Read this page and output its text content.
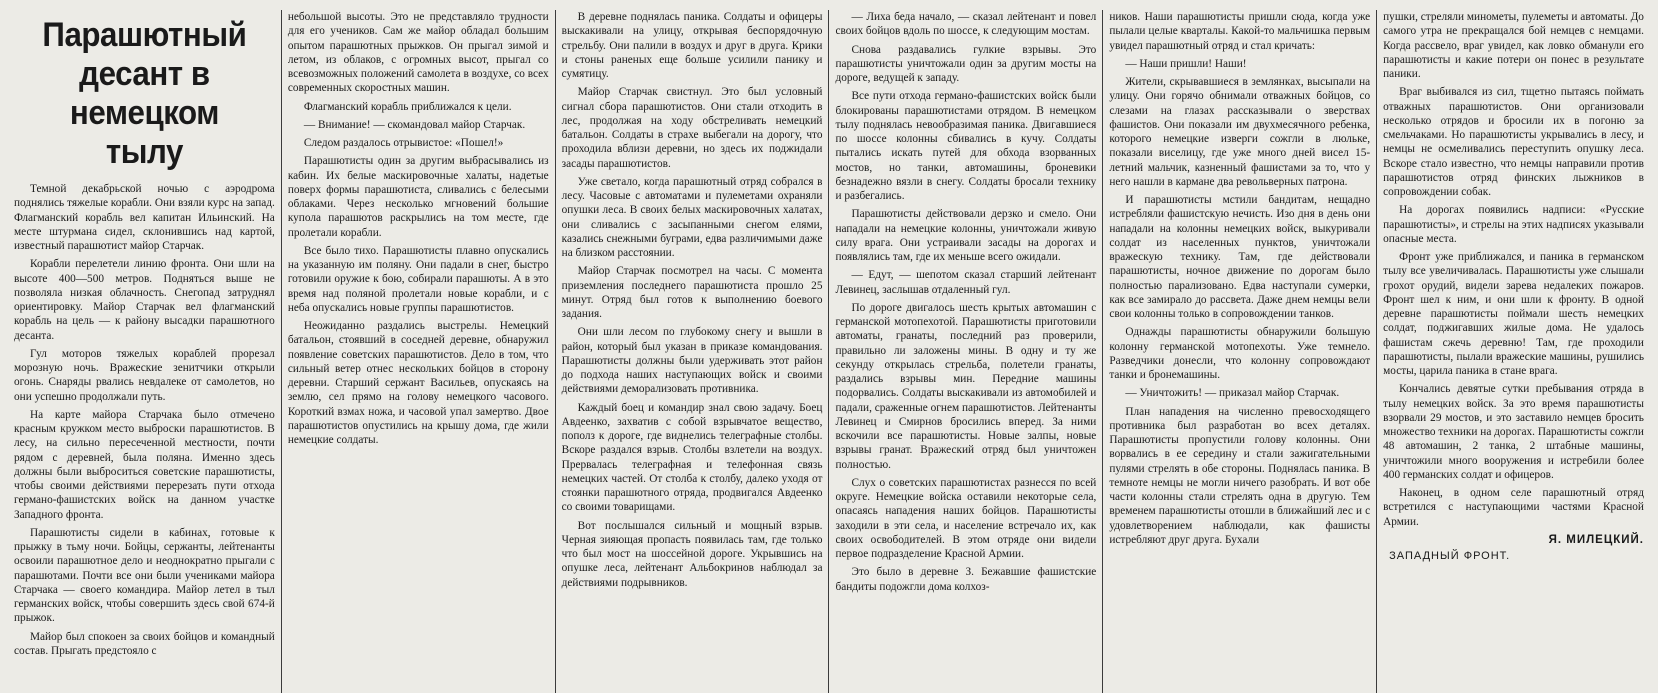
Парашютный десант в немецком тылу

Темной декабрьской ночью с аэродрома поднялись тяжелые корабли. Они взяли курс на запад. Флагманский корабль вел капитан Ильинский. На месте штурмана сидел, склонившись над картой, известный парашютист майор Старчак.

Корабли перелетели линию фронта. Они шли на высоте 400—500 метров. Подняться выше не позволяла низкая облачность. Снегопад затруднял ориентировку. Майор Старчак вел флагманский корабль на цель — к району высадки парашютного десанта.

Гул моторов тяжелых кораблей прорезал морозную ночь. Вражеские зенитчики открыли огонь. Снаряды рвались невдалеке от самолетов, но они успешно продолжали путь.

На карте майора Старчака было отмечено красным кружком место выброски парашютистов. В лесу, на сильно пересеченной местности, почти рядом с деревней, была поляна. Именно здесь должны были выброситься советские парашютисты, чтобы своими действиями перерезать пути отхода германо-фашистских войск на данном участке Западного фронта.

Парашютисты сидели в кабинах, готовые к прыжку в тьму ночи. Бойцы, сержанты, лейтенанты освоили парашютное дело и неоднократно прыгали с парашютами. Почти все они были учениками майора Старчака — своего командира. Майор летел в тыл германских войск, чтобы совершить здесь свой 674-й прыжок.

Майор был спокоен за своих бойцов и командный состав. Прыгать предстояло с

небольшой высоты. Это не представляло трудности для его учеников. Сам же майор обладал большим опытом парашютных прыжков. Он прыгал зимой и летом, из облаков, с огромных высот, прыгал со всевозможных положений самолета в воздухе, со всех современных скоростных машин.

Флагманский корабль приближался к цели.

— Внимание! — скомандовал майор Старчак.

Следом раздалось отрывистое: «Пошел!»

Парашютисты один за другим выбрасывались из кабин. Их белые маскировочные халаты, надетые поверх формы парашютиста, сливались с белесыми облаками. Через несколько мгновений большие купола парашютов раскрылись на том месте, где пролетали корабли.

Все было тихо. Парашютисты плавно опускались на указанную им поляну. Они падали в снег, быстро готовили оружие к бою, собирали парашюты. А в это время над поляной пролетали новые корабли, и с неба опускались новые группы парашютистов.

Неожиданно раздались выстрелы. Немецкий батальон, стоявший в соседней деревне, обнаружил появление советских парашютистов. Дело в том, что сильный ветер отнес нескольких бойцов в сторону деревни. Старший сержант Васильев, опускаясь на землю, сел прямо на голову немецкого часового. Короткий взмах ножа, и часовой упал замертво. Двое парашютистов опустились на крышу дома, где жили немецкие солдаты.

В деревне поднялась паника. Солдаты и офицеры выскакивали на улицу, открывая беспорядочную стрельбу. Они палили в воздух и друг в друга. Крики и стоны раненых еще больше усилили панику и сумятицу.

Майор Старчак свистнул. Это был условный сигнал сбора парашютистов. Они стали отходить в лес, продолжая на ходу обстреливать немецкий батальон. Солдаты в страхе выбегали на дорогу, что проходила вблизи деревни, но здесь их поджидали засады парашютистов.

Уже светало, когда парашютный отряд собрался в лесу. Часовые с автоматами и пулеметами охраняли опушки леса. В своих белых маскировочных халатах, они сливались с засыпанными снегом елями, казались снежными буграми, едва различимыми даже на близком расстоянии.

Майор Старчак посмотрел на часы. С момента приземления последнего парашютиста прошло 25 минут. Отряд был готов к выполнению боевого задания.

Они шли лесом по глубокому снегу и вышли в район, который был указан в приказе командования. Парашютисты должны были удерживать этот район до подхода наших наступающих войск и своими действиями деморализовать противника.

Каждый боец и командир знал свою задачу. Боец Авдеенко, захватив с собой взрывчатое вещество, пополз к дороге, где виднелись телеграфные столбы. Вскоре раздался взрыв. Столбы взлетели на воздух. Прервалась телеграфная и телефонная связь немецких частей. От столба к столбу, далеко уходя от стоянки парашютного отряда, продвигался Авдеенко со своими товарищами.

Вот послышался сильный и мощный взрыв. Черная зияющая пропасть появилась там, где только что был мост на шоссейной дороге. Укрывшись на опушке леса, лейтенант Альбокринов наблюдал за действиями подрывников.

— Лиха беда начало, — сказал лейтенант и повел своих бойцов вдоль по шоссе, к следующим мостам.

Снова раздавались гулкие взрывы. Это парашютисты уничтожали один за другим мосты на дороге, ведущей к западу.

Все пути отхода германо-фашистских войск были блокированы парашютистами отрядом. В немецком тылу поднялась невообразимая паника. Двигавшиеся по шоссе колонны сбивались в кучу. Солдаты пытались искать путей для обхода взорванных мостов, но танки, автомашины, броневики безнадежно вязли в снегу. Солдаты бросали технику и разбегались.

Парашютисты действовали дерзко и смело. Они нападали на немецкие колонны, уничтожали живую силу врага. Они устраивали засады на дорогах и появлялись там, где их меньше всего ожидали.

— Едут, — шепотом сказал старший лейтенант Левинец, заслышав отдаленный гул.

По дороге двигалось шесть крытых автомашин с германской мотопехотой. Парашютисты приготовили автоматы, гранаты, последний раз проверили, правильно ли заложены мины. В одну и ту же секунду открылась стрельба, полетели гранаты, раздались взрывы мин. Передние машины подорвались. Солдаты выскакивали из автомобилей и падали, сраженные огнем парашютистов. Лейтенанты Левинец и Смирнов бросились вперед. За ними вскочили все парашютисты. Новые залпы, новые взрывы гранат. Вражеский отряд был уничтожен полностью.

Слух о советских парашютистах разнесся по всей округе. Немецкие войска оставили некоторые села, опасаясь нападения наших бойцов. Парашютисты заходили в эти села, и население встречало их, как своих освободителей. В этом отряде они видели первое подразделение Красной Армии.

Это было в деревне З. Бежавшие фашистские бандиты подожгли дома колхоз-

ников. Наши парашютисты пришли сюда, когда уже пылали целые кварталы. Какой-то мальчишка первым увидел парашютный отряд и стал кричать:

— Наши пришли! Наши!

Жители, скрывавшиеся в землянках, высыпали на улицу. Они горячо обнимали отважных бойцов, со слезами на глазах рассказывали о зверствах фашистов. Они показали им двухмесячного ребенка, которого немецкие изверги сожгли в люльке, показали виселицу, где уже много дней висел 15-летний мальчик, казненный фашистами за то, что у него нашли в кармане два револьверных патрона.

И парашютисты мстили бандитам, нещадно истребляли фашистскую нечисть. Изо дня в день они нападали на колонны немецких войск, выкуривали солдат из населенных пунктов, уничтожали вражескую технику. Там, где действовали парашютисты, ночное движение по дорогам было полностью парализовано. Едва наступали сумерки, как все замирало до рассвета. Даже днем немцы вели свои колонны только в сопровождении танков.

Однажды парашютисты обнаружили большую колонну германской мотопехоты. Уже темнело. Разведчики донесли, что колонну сопровождают танки и бронемашины.

— Уничтожить! — приказал майор Старчак.

План нападения на численно превосходящего противника был разработан во всех деталях. Парашютисты пропустили голову колонны. Они ворвались в ее середину и стали зажигательными пулями стрелять в обе стороны. Поднялась паника. В темноте немцы не могли ничего разобрать. И вот обе части колонны стали стрелять одна в другую. Тем временем парашютисты отошли в ближайший лес и с удовлетворением наблюдали, как фашисты истребляют друг друга. Бухали

пушки, стреляли минометы, пулеметы и автоматы. До самого утра не прекращался бой немцев с немцами. Когда рассвело, враг увидел, как ловко обманули его парашютисты и какие потери он понес в результате паники.

Враг выбивался из сил, тщетно пытаясь поймать отважных парашютистов. Они организовали несколько отрядов и бросили их в погоню за смельчаками. Но парашютисты укрывались в лесу, и немцы не осмеливались переступить опушку леса. Вскоре стало известно, что немцы направили против парашютистов отряд финских лыжников в сопровождении собак.

На дорогах появились надписи: «Русские парашютисты», и стрелы на этих надписях указывали опасные места.

Фронт уже приближался, и паника в германском тылу все увеличивалась. Парашютисты уже слышали грохот орудий, видели зарева недалеких пожаров. Фронт шел к ним, и они шли к фронту. В одной деревне парашютисты поймали шесть немецких солдат, поджигавших жилые дома. Не удалось фашистам сжечь деревню! Там, где проходили парашютисты, пылали вражеские машины, рушились мосты, царила паника в стане врага.

Кончались девятые сутки пребывания отряда в тылу немецких войск. За это время парашютисты взорвали 29 мостов, и это заставило немцев бросить множество техники на дорогах. Парашютисты сожгли 48 автомашин, 2 танка, 2 штабные машины, уничтожили много вооружения и истребили более 400 германских солдат и офицеров.

Наконец, в одном селе парашютный отряд встретился с наступающими частями Красной Армии.

Я. МИЛЕЦКИЙ.
ЗАПАДНЫЙ ФРОНТ.
